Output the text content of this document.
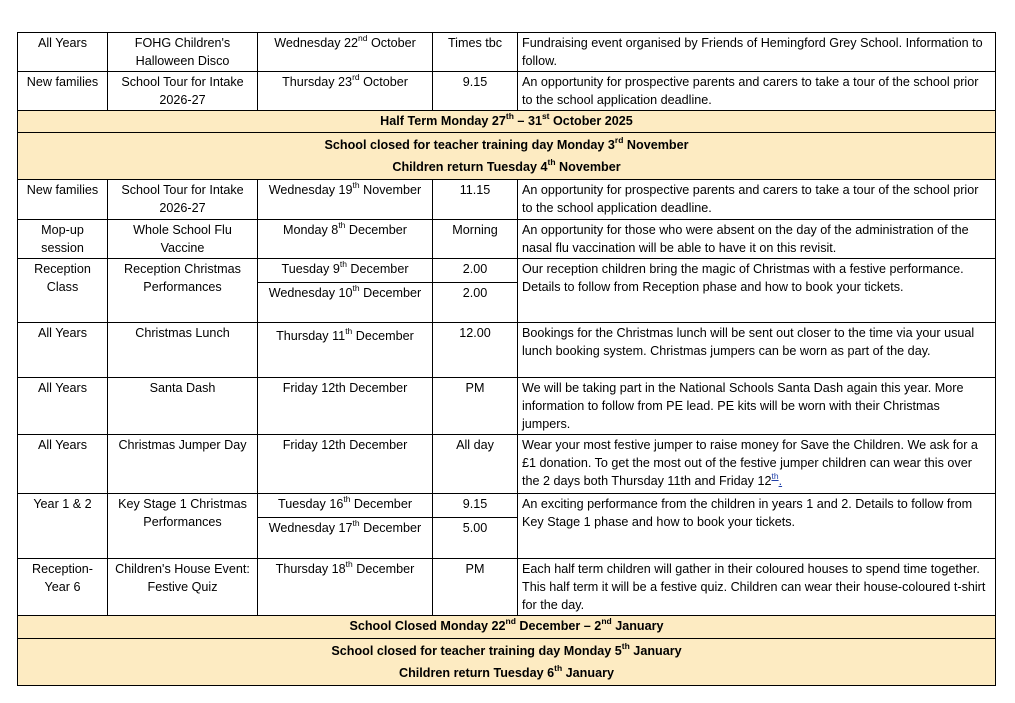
All Years	FOHG Children's Halloween Disco	Wednesday 22nd October	Times tbc	Fundraising event organised by Friends of Hemingford Grey School. Information to follow.
New families	School Tour for Intake 2026-27	Thursday 23rd October	9.15	An opportunity for prospective parents and carers to take a tour of the school prior to the school application deadline.
Half Term Monday 27th – 31st October 2025				
School closed for teacher training day Monday 3rd November
Children return Tuesday 4th November				
New families	School Tour for Intake 2026-27	Wednesday 19th November	11.15	An opportunity for prospective parents and carers to take a tour of the school prior to the school application deadline.
Mop-up session	Whole School Flu Vaccine	Monday 8th December	Morning	An opportunity for those who were absent on the day of the administration of the nasal flu vaccination will be able to have it on this revisit.
Reception Class	Reception Christmas Performances	Tuesday 9th December	2.00	Our reception children bring the magic of Christmas with a festive performance. Details to follow from Reception phase and how to book your tickets.
		Wednesday 10th December	2.00	
All Years	Christmas Lunch	Thursday 11th December	12.00	Bookings for the Christmas lunch will be sent out closer to the time via your usual lunch booking system. Christmas jumpers can be worn as part of the day.
All Years	Santa Dash	Friday 12th December	PM	We will be taking part in the National Schools Santa Dash again this year. More information to follow from PE lead. PE kits will be worn with their Christmas jumpers.
All Years	Christmas Jumper Day	Friday 12th December	All day	Wear your most festive jumper to raise money for Save the Children. We ask for a £1 donation. To get the most out of the festive jumper children can wear this over the 2 days both Thursday 11th and Friday 12th.
Year 1 & 2	Key Stage 1 Christmas Performances	Tuesday 16th December	9.15	An exciting performance from the children in years 1 and 2. Details to follow from Key Stage 1 phase and how to book your tickets.
		Wednesday 17th December	5.00	
Reception-Year 6	Children's House Event: Festive Quiz	Thursday 18th December	PM	Each half term children will gather in their coloured houses to spend time together. This half term it will be a festive quiz. Children can wear their house-coloured t-shirt for the day.
School Closed Monday 22nd December – 2nd January				
School closed for teacher training day Monday 5th January
Children return Tuesday 6th January				
